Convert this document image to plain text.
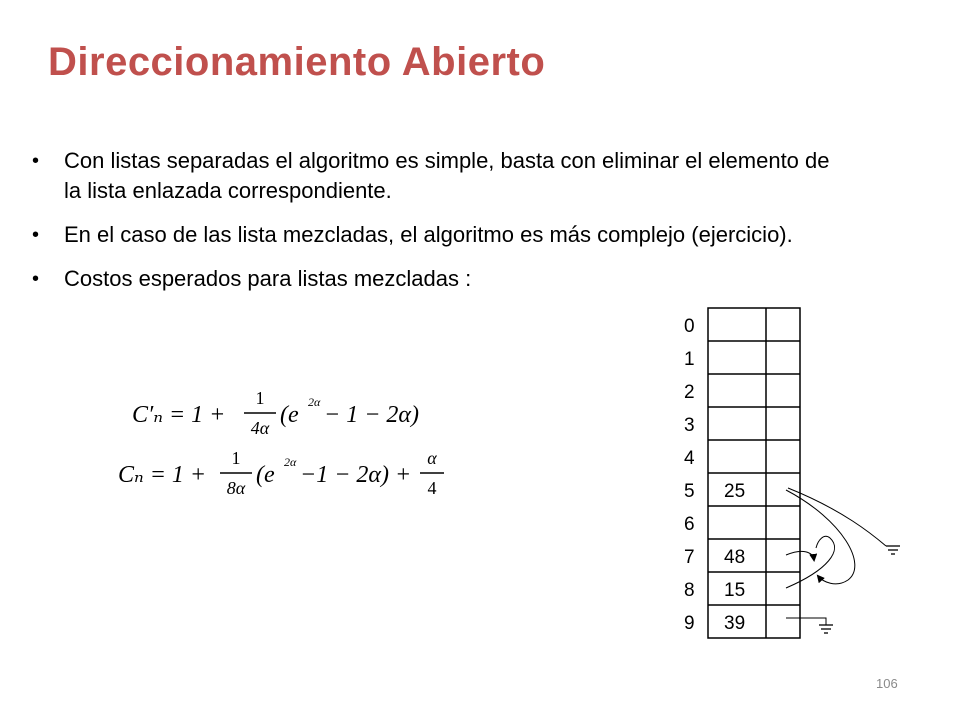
Direccionamiento Abierto
• Con listas separadas el algoritmo es simple, basta con eliminar el elemento de la lista enlazada correspondiente.
• En el caso de las lista mezcladas, el algoritmo es más complejo (ejercicio).
• Costos esperados para listas mezcladas :
C′ₙ = 1 +
1
4α (e 2α − 1 − 2α)
Cₙ = 1 +
1
8α (e 2α −1 − 2α) +
α
4
0
1
2
3
4
5 25
6
7 48
8 15
9 39
106
